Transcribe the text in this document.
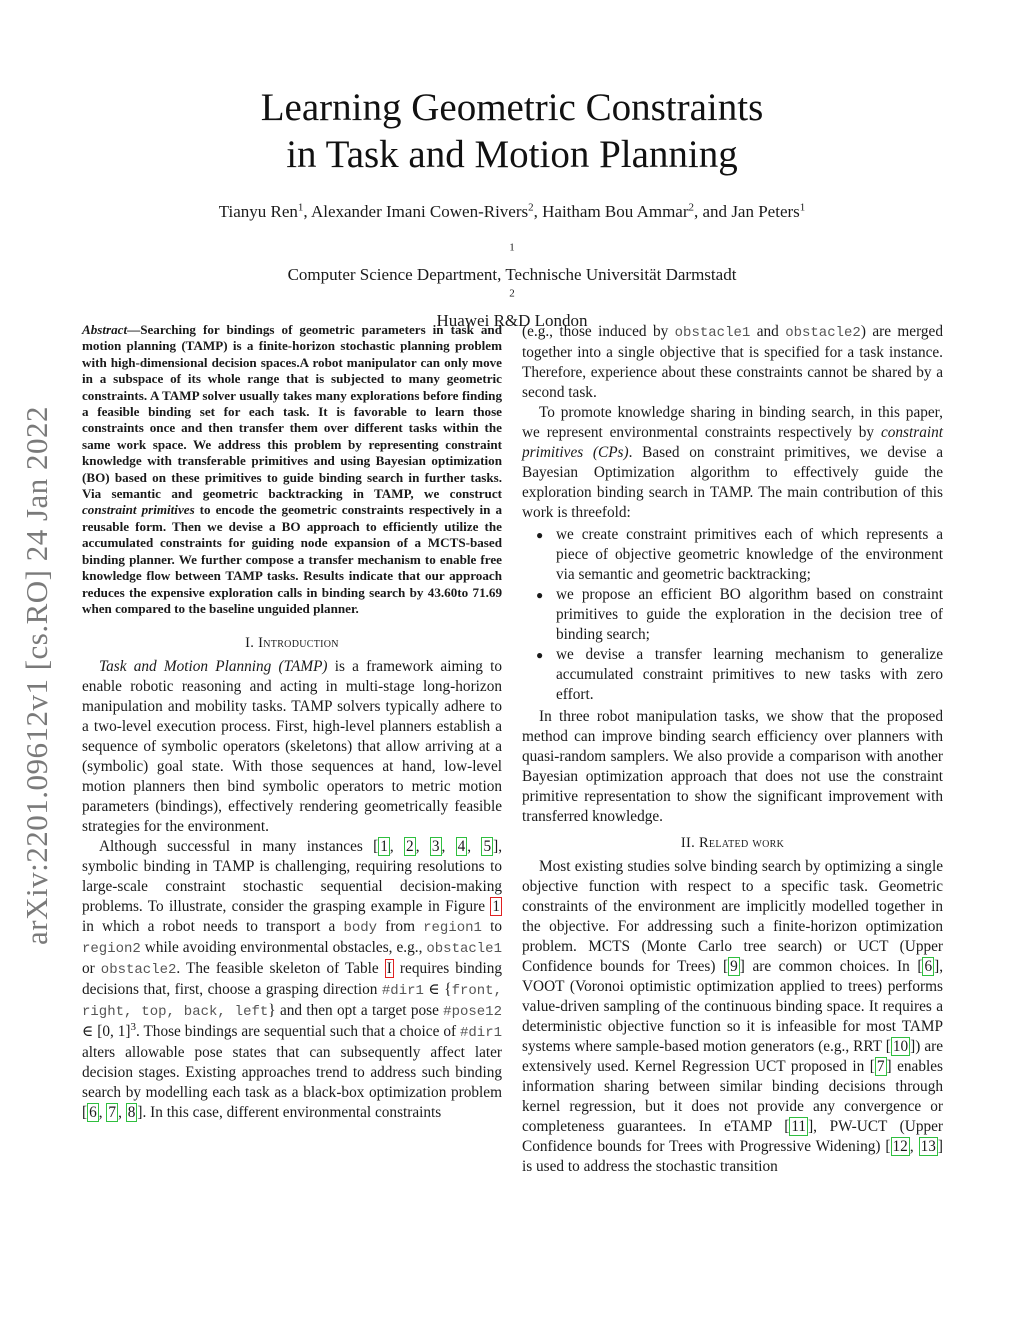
arXiv:2201.09612v1 [cs.RO] 24 Jan 2022
Learning Geometric Constraints
in Task and Motion Planning
Tianyu Ren$^1$, Alexander Imani Cowen-Rivers$^2$, Haitham Bou Ammar$^2$, and Jan Peters$^1$
$^1$
Computer Science Department, Technische Universität Darmstadt
$^2$
Huawei R&D London
Abstract—Searching for bindings of geometric parameters in task and motion planning (TAMP) is a finite-horizon stochastic planning problem with high-dimensional decision spaces.A robot manipulator can only move in a subspace of its whole range that is subjected to many geometric constraints. A TAMP solver usually takes many explorations before finding a feasible binding set for each task. It is favorable to learn those constraints once and then transfer them over different tasks within the same work space. We address this problem by representing constraint knowledge with transferable primitives and using Bayesian optimization (BO) based on these primitives to guide binding search in further tasks. Via semantic and geometric backtracking in TAMP, we construct constraint primitives to encode the geometric constraints respectively in a reusable form. Then we devise a BO approach to efficiently utilize the accumulated constraints for guiding node expansion of a MCTS-based binding planner. We further compose a transfer mechanism to enable free knowledge flow between TAMP tasks. Results indicate that our approach reduces the expensive exploration calls in binding search by 43.60to 71.69 when compared to the baseline unguided planner.
I. Introduction

Task and Motion Planning (TAMP) is a framework aiming to enable robotic reasoning and acting in multi-stage long-horizon manipulation and mobility tasks. TAMP solvers typically adhere to a two-level execution process. First, high-level planners establish a sequence of symbolic operators (skeletons) that allow arriving at a (symbolic) goal state. With those sequences at hand, low-level motion planners then bind symbolic operators to metric motion parameters (bindings), effectively rendering geometrically feasible strategies for the environment.

Although successful in many instances [ 1 , 2 , 3 , 4 , 5 ], symbolic binding in TAMP is challenging, requiring resolutions to large-scale constraint stochastic sequential decision-making problems. To illustrate, consider the grasping example in Figure 1 in which a robot needs to transport a body from region1 to region2 while avoiding environmental obstacles, e.g., obstacle1 or obstacle2. The feasible skeleton of Table I requires binding decisions that, first, choose a grasping direction #dir1 ∈ {front, right, top, back, left} and then opt a target pose #pose12 ∈ [0, 1]$^3$. Those bindings are sequential such that a choice of #dir1 alters allowable pose states that can subsequently affect later decision stages. Existing approaches trend to address such binding search by modelling each task as a black-box optimization problem [ 6 , 7 , 8 ]. In this case, different environmental constraints

(e.g., those induced by obstacle1 and obstacle2) are merged together into a single objective that is specified for a task instance. Therefore, experience about these constraints cannot be shared by a second task.

To promote knowledge sharing in binding search, in this paper, we represent environmental constraints respectively by constraint primitives (CPs). Based on constraint primitives, we devise a Bayesian Optimization algorithm to effectively guide the exploration binding search in TAMP. The main contribution of this work is threefold:

● we create constraint primitives each of which represents a piece of objective geometric knowledge of the environment via semantic and geometric backtracking;
● we propose an efficient BO algorithm based on constraint primitives to guide the exploration in the decision tree of binding search;
● we devise a transfer learning mechanism to generalize accumulated constraint primitives to new tasks with zero effort.

In three robot manipulation tasks, we show that the proposed method can improve binding search efficiency over planners with quasi-random samplers. We also provide a comparison with another Bayesian optimization approach that does not use the constraint primitive representation to show the significant improvement with transferred knowledge.

II. Related work

Most existing studies solve binding search by optimizing a single objective function with respect to a specific task. Geometric constraints of the environment are implicitly modelled together in the objective. For addressing such a finite-horizon optimization problem. MCTS (Monte Carlo tree search) or UCT (Upper Confidence bounds for Trees) [ 9 ] are common choices. In [ 6 ], VOOT (Voronoi optimistic optimization applied to trees) performs value-driven sampling of the continuous binding space. It requires a deterministic objective function so it is infeasible for most TAMP systems where sample-based motion generators (e.g., RRT [ 10 ]) are extensively used. Kernel Regression UCT proposed in [ 7 ] enables information sharing between similar binding decisions through kernel regression, but it does not provide any convergence or completeness guarantees. In eTAMP [ 11 ], PW-UCT (Upper Confidence bounds for Trees with Progressive Widening) [ 12 , 13 ] is used to address the stochastic transition
